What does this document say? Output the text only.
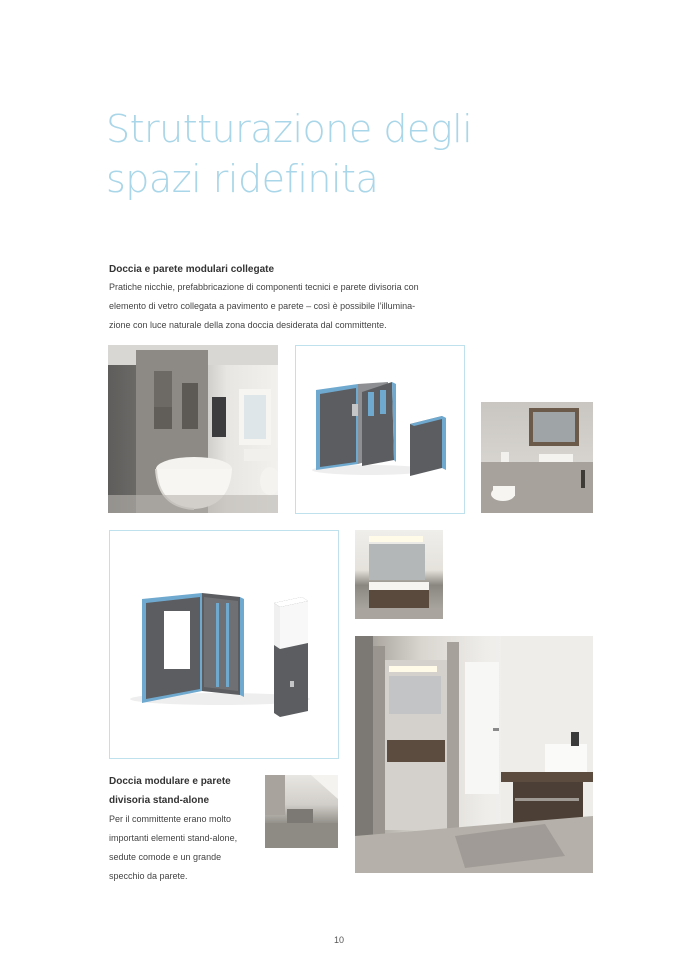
Strutturazione degli
spazi ridefinita
Doccia e parete modulari collegate
Pratiche nicchie, prefabbricazione di componenti tecnici e parete divisoria con
elemento di vetro collegata a pavimento e parete – così è possibile l’illumina-
zione con luce naturale della zona doccia desiderata dal committente.
Doccia modulare e parete
divisoria stand-alone
Per il committente erano molto
importanti elementi stand-alone,
sedute comode e un grande
specchio da parete.
10
